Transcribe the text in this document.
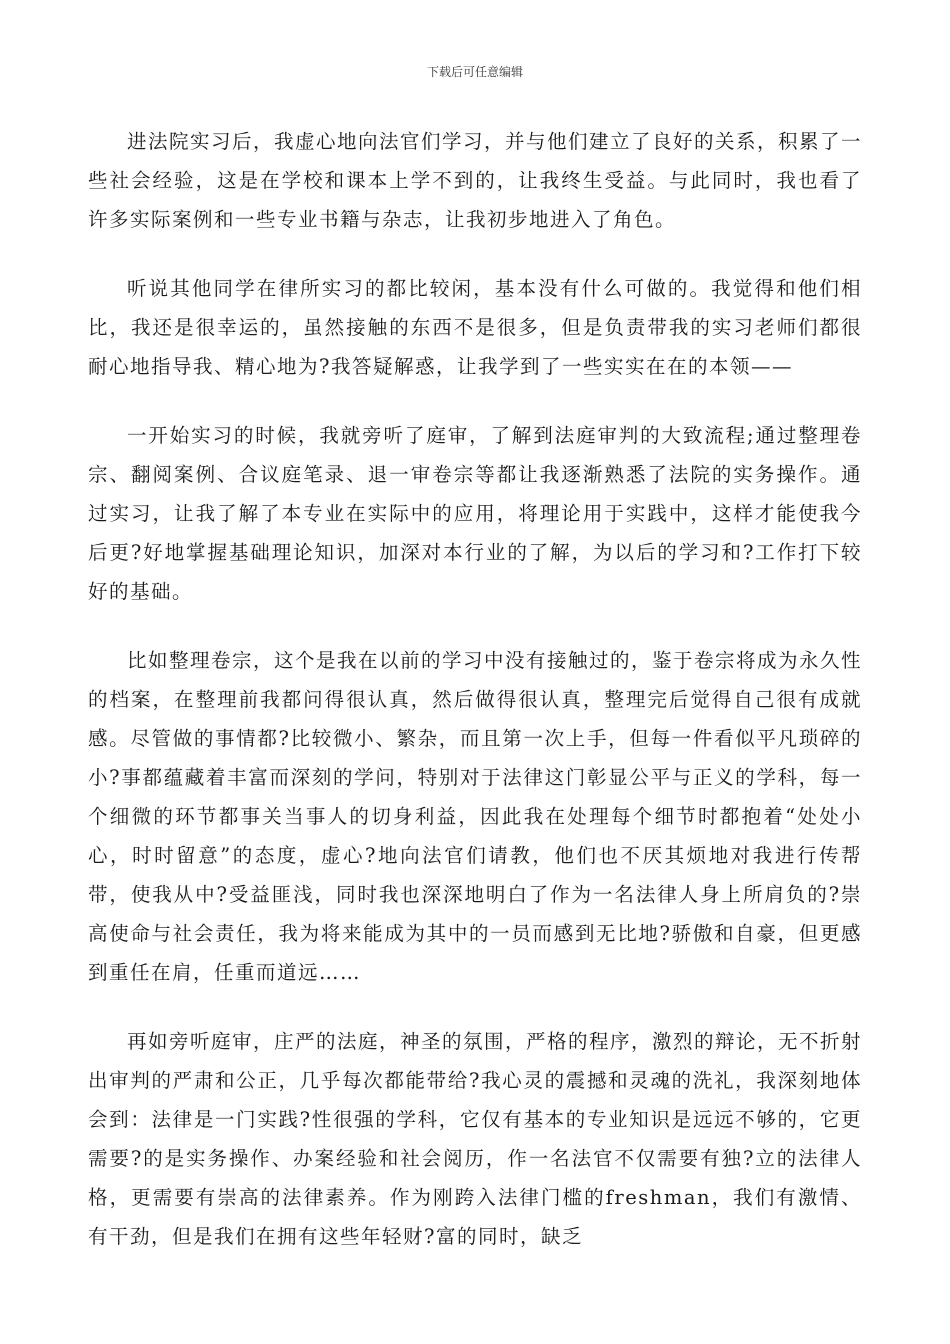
下载后可任意编辑

进法院实习后，我虚心地向法官们学习，并与他们建立了良好的关系，积累了一些社会经验，这是在学校和课本上学不到的，让我终生受益。与此同时，我也看了许多实际案例和一些专业书籍与杂志，让我初步地进入了角色。

听说其他同学在律所实习的都比较闲，基本没有什么可做的。我觉得和他们相比，我还是很幸运的，虽然接触的东西不是很多，但是负责带我的实习老师们都很耐心地指导我、精心地为?我答疑解惑，让我学到了一些实实在在的本领——

一开始实习的时候，我就旁听了庭审，了解到法庭审判的大致流程;通过整理卷宗、翻阅案例、合议庭笔录、退一审卷宗等都让我逐渐熟悉了法院的实务操作。通过实习，让我了解了本专业在实际中的应用，将理论用于实践中，这样才能使我今后更?好地掌握基础理论知识，加深对本行业的了解，为以后的学习和?工作打下较好的基础。

比如整理卷宗，这个是我在以前的学习中没有接触过的，鉴于卷宗将成为永久性的档案，在整理前我都问得很认真，然后做得很认真，整理完后觉得自己很有成就感。尽管做的事情都?比较微小、繁杂，而且第一次上手，但每一件看似平凡琐碎的小?事都蕴藏着丰富而深刻的学问，特别对于法律这门彰显公平与正义的学科，每一个细微的环节都事关当事人的切身利益，因此我在处理每个细节时都抱着“处处小心，时时留意”的态度，虚心?地向法官们请教，他们也不厌其烦地对我进行传帮带，使我从中?受益匪浅，同时我也深深地明白了作为一名法律人身上所肩负的?崇高使命与社会责任，我为将来能成为其中的一员而感到无比地?骄傲和自豪，但更感到重任在肩，任重而道远……

再如旁听庭审，庄严的法庭，神圣的氛围，严格的程序，激烈的辩论，无不折射出审判的严肃和公正，几乎每次都能带给?我心灵的震撼和灵魂的洗礼，我深刻地体会到：法律是一门实践?性很强的学科，它仅有基本的专业知识是远远不够的，它更需要?的是实务操作、办案经验和社会阅历，作一名法官不仅需要有独?立的法律人格，更需要有崇高的法律素养。作为刚跨入法律门槛的freshman，我们有激情、有干劲，但是我们在拥有这些年轻财?富的同时，缺乏
